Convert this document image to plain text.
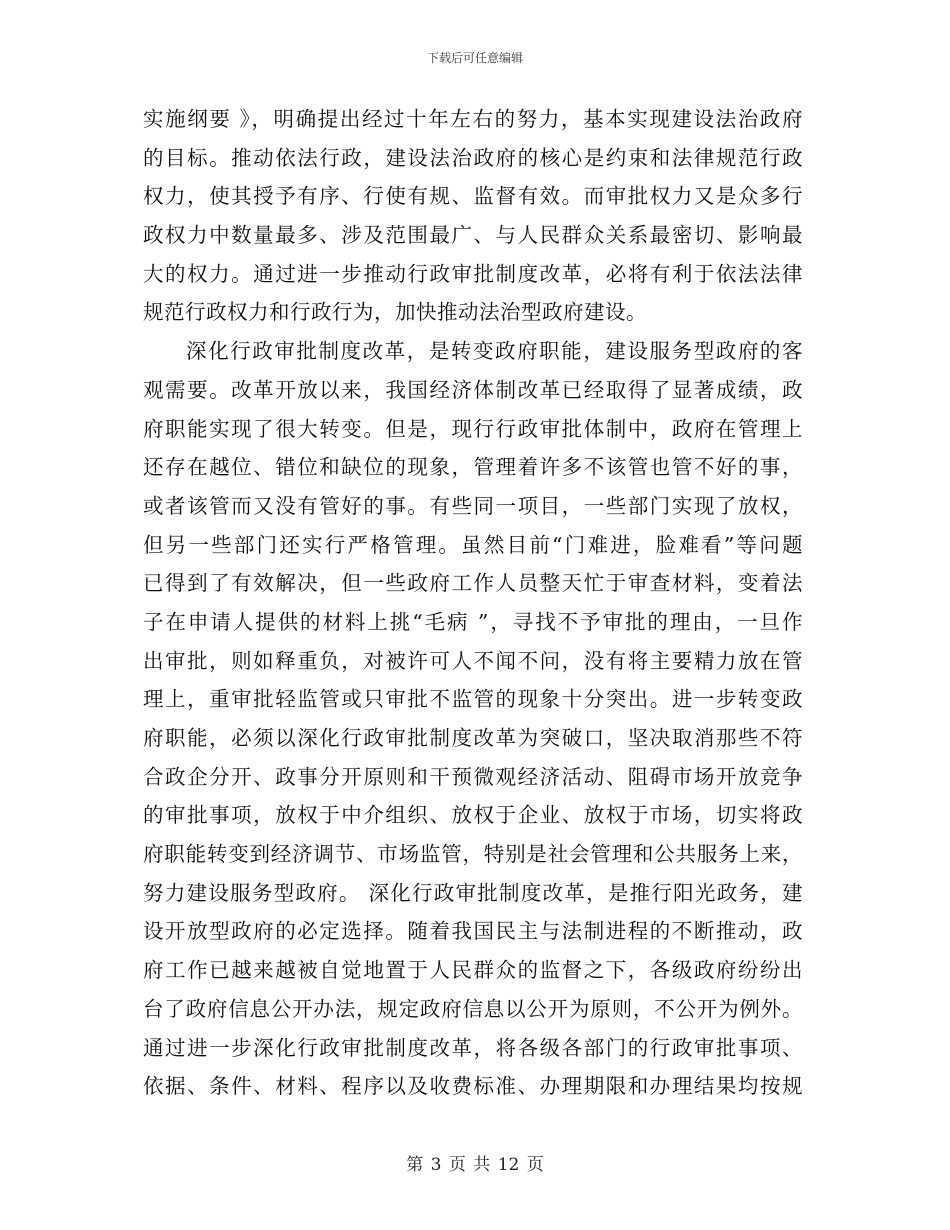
下载后可任意编辑
实施纲要 》，明确提出经过十年左右的努力，基本实现建设法治政府
的目标。推动依法行政，建设法治政府的核心是约束和法律规范行政
权力，使其授予有序、行使有规、监督有效。而审批权力又是众多行
政权力中数量最多、涉及范围最广、与人民群众关系最密切、影响最
大的权力。通过进一步推动行政审批制度改革，必将有利于依法法律
规范行政权力和行政行为，加快推动法治型政府建设。
深化行政审批制度改革，是转变政府职能，建设服务型政府的客
观需要。改革开放以来，我国经济体制改革已经取得了显著成绩，政
府职能实现了很大转变。但是，现行行政审批体制中，政府在管理上
还存在越位、错位和缺位的现象，管理着许多不该管也管不好的事，
或者该管而又没有管好的事。有些同一项目，一些部门实现了放权，
但另一些部门还实行严格管理。虽然目前“门难进，脸难看”等问题
已得到了有效解决，但一些政府工作人员整天忙于审查材料，变着法
子在申请人提供的材料上挑“毛病 ”，寻找不予审批的理由，一旦作
出审批，则如释重负，对被许可人不闻不问，没有将主要精力放在管
理上，重审批轻监管或只审批不监管的现象十分突出。进一步转变政
府职能，必须以深化行政审批制度改革为突破口，坚决取消那些不符
合政企分开、政事分开原则和干预微观经济活动、阻碍市场开放竞争
的审批事项，放权于中介组织、放权于企业、放权于市场，切实将政
府职能转变到经济调节、市场监管，特别是社会管理和公共服务上来，
努力建设服务型政府。 深化行政审批制度改革，是推行阳光政务，建
设开放型政府的必定选择。随着我国民主与法制进程的不断推动，政
府工作已越来越被自觉地置于人民群众的监督之下，各级政府纷纷出
台了政府信息公开办法，规定政府信息以公开为原则，不公开为例外。
通过进一步深化行政审批制度改革，将各级各部门的行政审批事项、
依据、条件、材料、程序以及收费标准、办理期限和办理结果均按规
第 3 页 共 12 页
